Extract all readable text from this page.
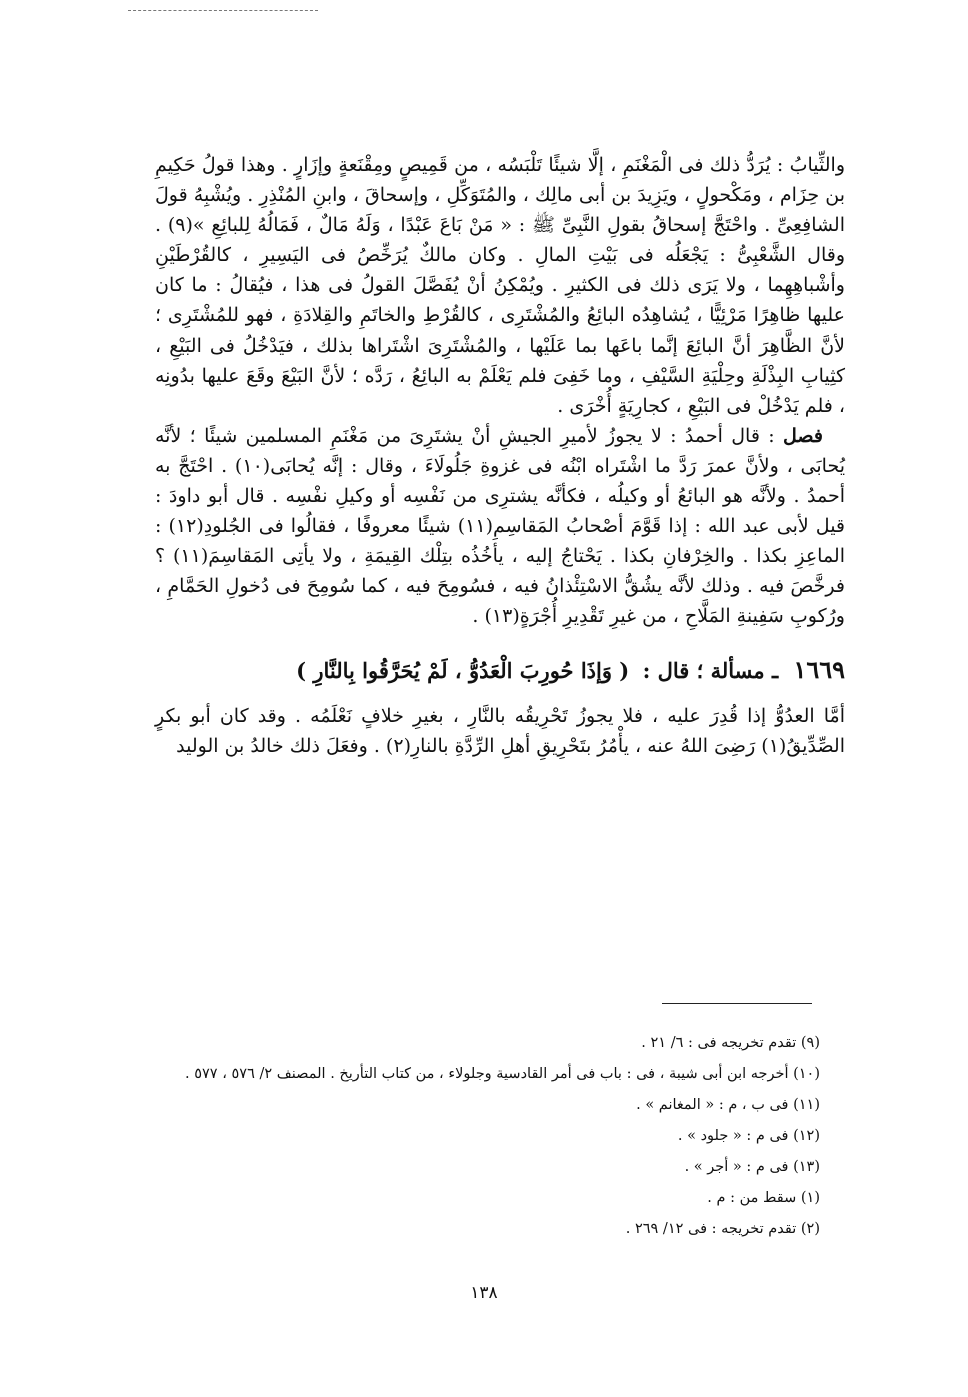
والثِّيابُ : يُرَدُّ ذلك فى الْمَغْنَمِ ، إلَّا شيئًا تَلْبَسُه ، من قَمِيصٍ ومِقْنَعةٍ وإزَارٍ . وهذا قولُ حَكِيمِ بن حِزَام ، ومَكْحولٍ ، ويَزِيدَ بن أبى مالِك ، والمُتَوَكِّلِ ، وإسحاقَ ، وابنِ المُنْذِرِ . ويُشْبِهُ قولَ الشافِعِىِّ . واحْتَجَّ إسحاقُ بقولِ النَّبِىِّ ﷺ : « مَنْ بَاعَ عَبْدًا ، وَلَهُ مَالٌ ، فَمَالُهُ لِلبائِعِ »(٩) . وقال الشَّعْبِىُّ : يَجْعَلُه فى بَيْتِ المالِ . وكان مالكٌ يُرَخِّصُ فى اليَسِيرِ ، كالقُرْطَيْنِ وأشْباهِهِما ، ولا يَرَى ذلك فى الكثيرِ . ويُمْكِنُ أنْ يُفَصَّلَ القولُ فى هذا ، فيُقالُ : ما كان عليها ظاهِرًا مَرْئِيًّا ، يُشاهِدُه البائِعُ والمُشْتَرِى ، كالقُرْطِ والخاتَمِ والقِلادَةِ ، فهو للمُشْتَرِى ؛ لأنَّ الظَّاهِرَ أنَّ البائِعَ إنَّما باعَها بما عَلَيْها ، والمُشْتَرِىَ اشْتَراها بذلك ، فيَدْخُلُ فى البَيْعِ ، كثِيابِ البِذْلَةِ وحِلْيَةِ السَّيْفِ ، وما خَفِىَ فلم يَعْلَمْ به البائِعُ ، رَدَّه ؛ لأنَّ البَيْعَ وقَعَ عليها بدُونِه ، فلم يَدْخُلْ فى البَيْعِ ، كجارِيَةٍ أُخْرَى .

فصل : قال أحمدُ : لا يجوزُ لأميرِ الجيشِ أنْ يشتَرِىَ من مَغْنَمِ المسلمين شيئًا ؛ لأنَّه يُحابَى ، ولأنَّ عمرَ رَدَّ ما اشْتَراه ابْنُه فى غزوةِ جَلُولَاءَ ، وقال : إنَّه يُحابَى(١٠) . احْتَجَّ به أحمدُ . ولأنَّه هو البائعُ أو وكيلُه ، فكأنَّه يشترِى من نَفْسِه أو وكيلِ نفْسِه . قال أبو داودَ : قيل لأبى عبد الله : إذا قَوَّمَ أصْحابُ المَقاسِمِ(١١) شيئًا معروفًا ، فقالُوا فى الجُلودِ(١٢) : الماعِزِ بكذا . والخِرْفانِ بكذا . يَحْتاجُ إليه ، يأخُذُه بتِلْك القِيمَةِ ، ولا يأتِى المَقاسِمَ(١١) ؟ فرخَّصَ فيه . وذلك لأنَّه يشُقُّ الاسْتِئْذانُ فيه ، فسُومِحَ فيه ، كما سُومِحَ فى دُخولِ الحَمَّامِ ، ورُكوبِ سَفِينةِ المَلَّاحِ ، من غيرِ تَقْدِيرِ أُجْرَةٍ(١٣) .

١٦٦٩ ـ مسألة ؛ قال : ( وَإذَا حُورِبَ الْعَدُوُّ ، لَمْ يُحَرَّقُوا بِالنَّارِ )

أمَّا العدُوُّ إذا قُدِرَ عليه ، فلا يجوزُ تَحْرِيقُه بالنَّارِ ، بغيرِ خلافٍ نَعْلَمُه . وقد كان أبو بكرٍ الصِّدِّيقُ(١) رَضِىَ اللهُ عنه ، يأْمُرُ بتَحْرِيقِ أهلِ الرِّدَّةِ بالنارِ(٢) . وفعَلَ ذلك خالدُ بن الوليد

(٩) تقدم تخريجه فى : ٦/ ٢١ .
(١٠) أخرجه ابن أبى شيبة ، فى : باب فى أمر القادسية وجلولاء ، من كتاب التأريخ . المصنف ٢/ ٥٧٦ ، ٥٧٧ .
(١١) فى ب ، م : « المغانم » .
(١٢) فى م : « جلود » .
(١٣) فى م : « أجر » .
(١) سقط من : م .
(٢) تقدم تخريجه : فى ١٢/ ٢٦٩ .
١٣٨
